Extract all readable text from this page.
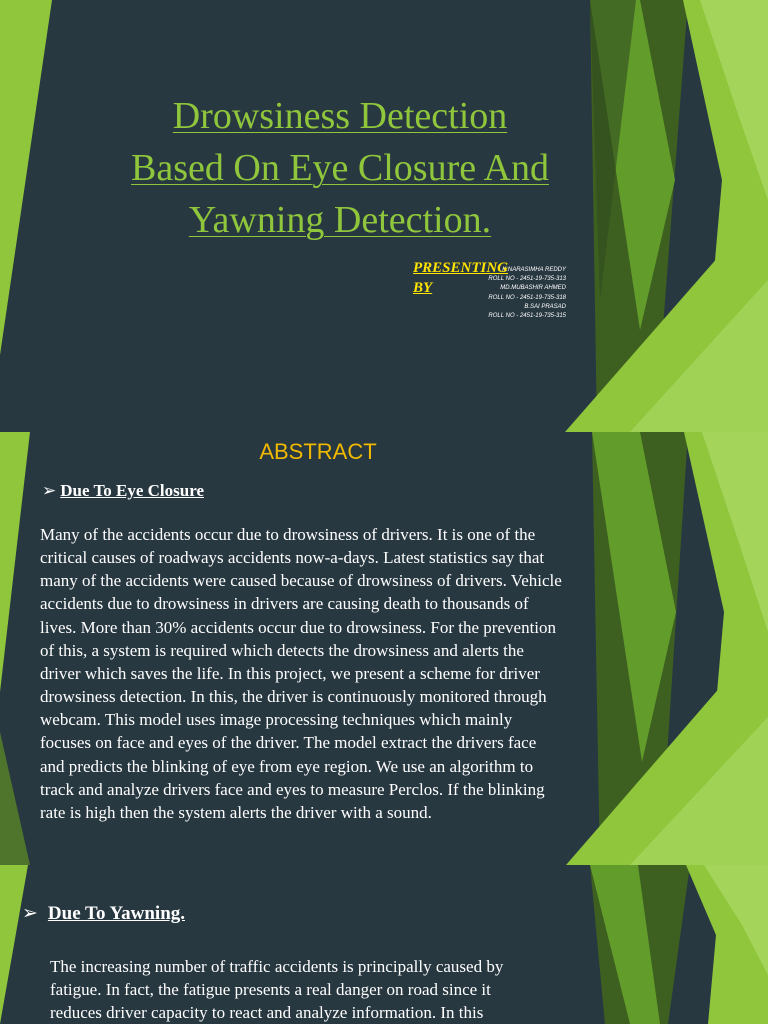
Drowsiness Detection
Based On Eye Closure And
Yawning Detection.
K.NARASIMHA REDDY
ROLL NO - 2451-19-735-313
MD.MUBASHIR AHMED
ROLL NO - 2451-19-735-318
B.SAI PRASAD
ROLL NO - 2451-19-735-315
PRESENTING
BY
ABSTRACT
➢ Due To Eye Closure
Many of the accidents occur due to drowsiness of drivers. It is one of the
critical causes of roadways accidents now-a-days. Latest statistics say that
many of the accidents were caused because of drowsiness of drivers. Vehicle
accidents due to drowsiness in drivers are causing death to thousands of
lives. More than 30% accidents occur due to drowsiness. For the prevention
of this, a system is required which detects the drowsiness and alerts the
driver which saves the life. In this project, we present a scheme for driver
drowsiness detection. In this, the driver is continuously monitored through
webcam. This model uses image processing techniques which mainly
focuses on face and eyes of the driver. The model extract the drivers face
and predicts the blinking of eye from eye region. We use an algorithm to
track and analyze drivers face and eyes to measure Perclos. If the blinking
rate is high then the system alerts the driver with a sound.
➢ Due To Yawning.
The increasing number of traffic accidents is principally caused by
fatigue. In fact, the fatigue presents a real danger on road since it
reduces driver capacity to react and analyze information. In this
